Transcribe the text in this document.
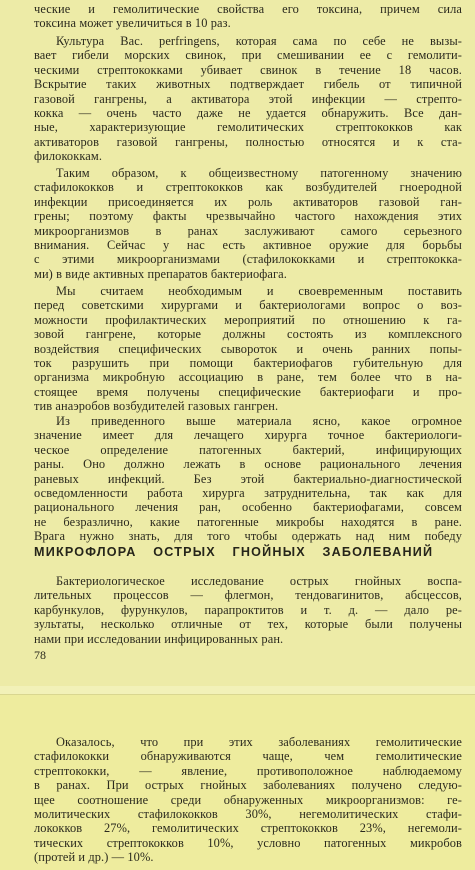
ческие и гемолитические свойства его токсина, причем сила
токсина может увеличиться в 10 раз.

Культура Bac. perfringens, которая сама по себе не вызы-
вает гибели морских свинок, при смешивании ее с гемолити-
ческими стрептококками убивает свинок в течение 18 часов.
Вскрытие таких животных подтверждает гибель от типичной
газовой гангрены, а активатора этой инфекции — стрепто-
кокка — очень часто даже не удается обнаружить. Все дан-
ные, характеризующие гемолитических стрептококков как
активаторов газовой гангрены, полностью относятся и к ста-
филококкам.

Таким образом, к общеизвестному патогенному значению
стафилококков и стрептококков как возбудителей гноеродной
инфекции присоединяется их роль активаторов газовой ган-
грены; поэтому факты чрезвычайно частого нахождения этих
микроорганизмов в ранах заслуживают самого серьезного
внимания. Сейчас у нас есть активное оружие для борьбы
с этими микроорганизмами (стафилококками и стрептококка-
ми) в виде активных препаратов бактериофага.

Мы считаем необходимым и своевременным поставить
перед советскими хирургами и бактериологами вопрос о воз-
можности профилактических мероприятий по отношению к га-
зовой гангрене, которые должны состоять из комплексного
воздействия специфических сывороток и очень ранних попы-
ток разрушить при помощи бактериофагов губительную для
организма микробную ассоциацию в ране, тем более что в на-
стоящее время получены специфические бактериофаги и про-
тив анаэробов возбудителей газовых гангрен.

Из приведенного выше материала ясно, какое огромное
значение имеет для лечащего хирурга точное бактериологи-
ческое определение патогенных бактерий, инфицирующих
раны. Оно должно лежать в основе рационального лечения
раневых инфекций. Без этой бактериально-диагностической
осведомленности работа хирурга затруднительна, так как для
рационального лечения ран, особенно бактериофагами, совсем
не безразлично, какие патогенные микробы находятся в ране.
Врага нужно знать, для того чтобы одержать над ним победу

МИКРОФЛОРА ОСТРЫХ ГНОЙНЫХ ЗАБОЛЕВАНИЙ

Бактериологическое исследование острых гнойных воспа-
лительных процессов — флегмон, тендовагинитов, абсцессов,
карбункулов, фурункулов, парапроктитов и т. д. — дало ре-
зультаты, несколько отличные от тех, которые были получены
нами при исследовании инфицированных ран.

78

Оказалось, что при этих заболеваниях гемолитические
стафилококки обнаруживаются чаще, чем гемолитические
стрептококки, — явление, противоположное наблюдаемому
в ранах. При острых гнойных заболеваниях получено следую-
щее соотношение среди обнаруженных микроорганизмов: ге-
молитических стафилококков 30%, негемолитических стафи-
лококков 27%, гемолитических стрептококков 23%, негемоли-
тических стрептококков 10%, условно патогенных микробов
(протей и др.) — 10%.
